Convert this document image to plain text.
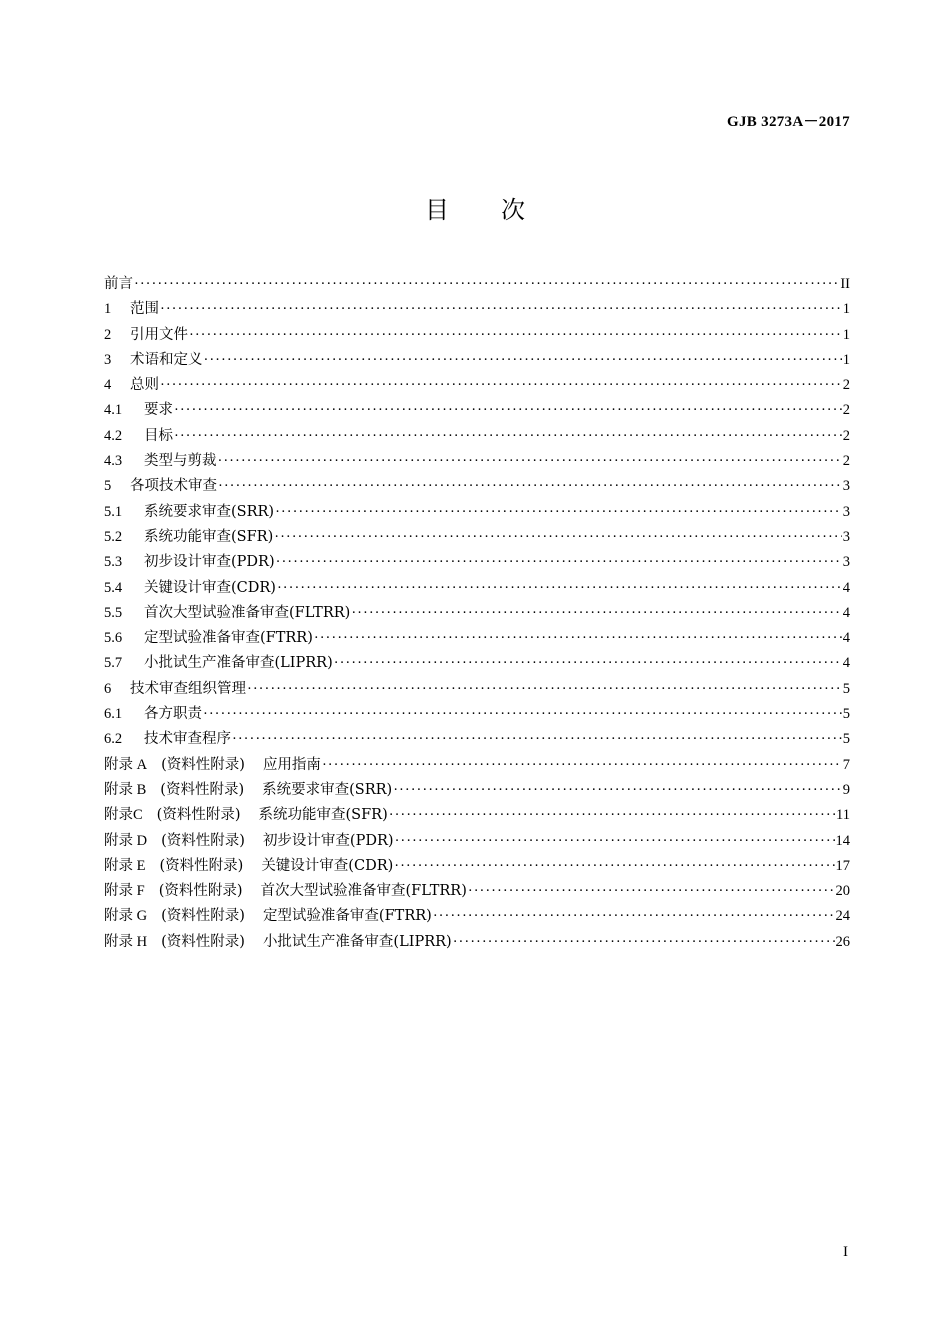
GJB 3273A－2017
目 次
前言 ·····	II
1	范围 ·····	1
2	引用文件 ·····	1
3	术语和定义 ·····	1
4	总则 ·····	2
4.1	要求 ·····	2
4.2	目标 ·····	2
4.3	类型与剪裁 ·····	2
5	各项技术审查 ·····	3
5.1	系统要求审查(SRR) ·····	3
5.2	系统功能审查(SFR) ·····	3
5.3	初步设计审查(PDR) ·····	3
5.4	关键设计审查(CDR) ·····	4
5.5	首次大型试验准备审查(FLTRR) ·····	4
5.6	定型试验准备审查(FTRR) ·····	4
5.7	小批试生产准备审查(LIPRR) ·····	4
6	技术审查组织管理 ·····	5
6.1	各方职责 ·····	5
6.2	技术审查程序 ·····	5
附录 A (资料性附录) 应用指南 ·····	7
附录 B (资料性附录) 系统要求审查(SRR) ·····	9
附录C (资料性附录) 系统功能审查(SFR) ·····	11
附录 D (资料性附录) 初步设计审查(PDR) ·····	14
附录 E (资料性附录) 关键设计审查(CDR) ·····	17
附录 F (资料性附录) 首次大型试验准备审查(FLTRR) ·····	20
附录 G (资料性附录) 定型试验准备审查(FTRR) ·····	24
附录 H (资料性附录) 小批试生产准备审查(LIPRR) ·····	26
I
